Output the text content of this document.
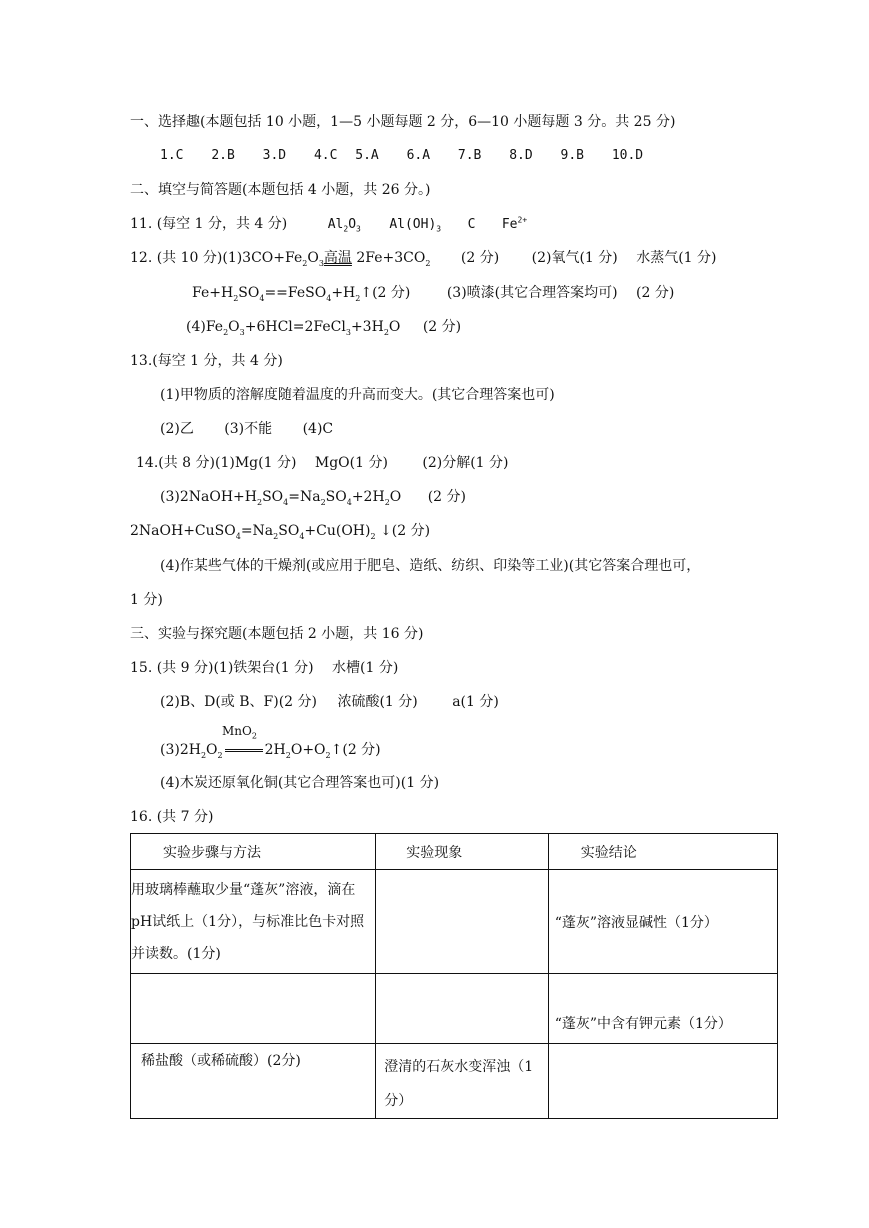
一、选择趣(本题包括 10 小题，1—5 小题每题 2 分，6—10 小题每题 3 分。共 25 分)
1.C 2.B 3.D 4.C 5.A 6.A 7.B 8.D 9.B 10.D
二、填空与简答题(本题包括 4 小题，共 26 分。)
11. (每空 1 分，共 4 分)	$Al_2O_3$ $Al(OH)_3$ C $Fe^{2+}$
12. (共 10 分)$(1)3CO+Fe_2O_3$高温 $2Fe+3CO_2$ (2 分) (2)氧气(1 分) 水蒸气(1 分)
$Fe+H_2SO_4==FeSO_4+H_2↑(2$ 分)	(3)喷漆(其它合理答案均可) (2 分)
$(4)Fe_2O_3+6HCl=2FeCl_3+3H_2O$ (2 分)
13.(每空 1 分，共 4 分)
(1)甲物质的溶解度随着温度的升高而变大。(其它合理答案也可)
(2)乙 (3)不能 (4)C
14.(共 8 分)(1)Mg(1 分) MgO(1 分) (2)分解(1 分)
$(3)2NaOH+H_2SO_4=Na_2SO_4+2H_2O$ (2 分)
$2NaOH+CuSO_4=Na_2SO_4+Cu(OH)_2$ ↓(2 分)
(4)作某些气体的干燥剂(或应用于肥皂、造纸、纺织、印染等工业)(其它答案合理也可，
1 分)
三、实验与探究题(本题包括 2 小题，共 16 分)
15. (共 9 分)(1)铁架台(1 分) 水槽(1 分)
(2)B、D(或 B、F)(2 分) 浓硫酸(1 分) a(1 分)
MnO$_2$
$(3)2H_2O_2$	$2H_2O+O_2↑(2$ 分)
(4)木炭还原氧化铜(其它合理答案也可)(1 分)
16. (共 7 分)
实验步骤与方法	实验现象	实验结论

用玻璃棒蘸取少量“蓬灰”溶液，滴在pH试纸上（1分），与标准比色卡对照并读数。(1分)		“蓬灰”溶液显碱性（1分）

		“蓬灰”中含有钾元素（1分）

稀盐酸（或稀硫酸）(2分)	澄清的石灰水变浑浊（1分）	
